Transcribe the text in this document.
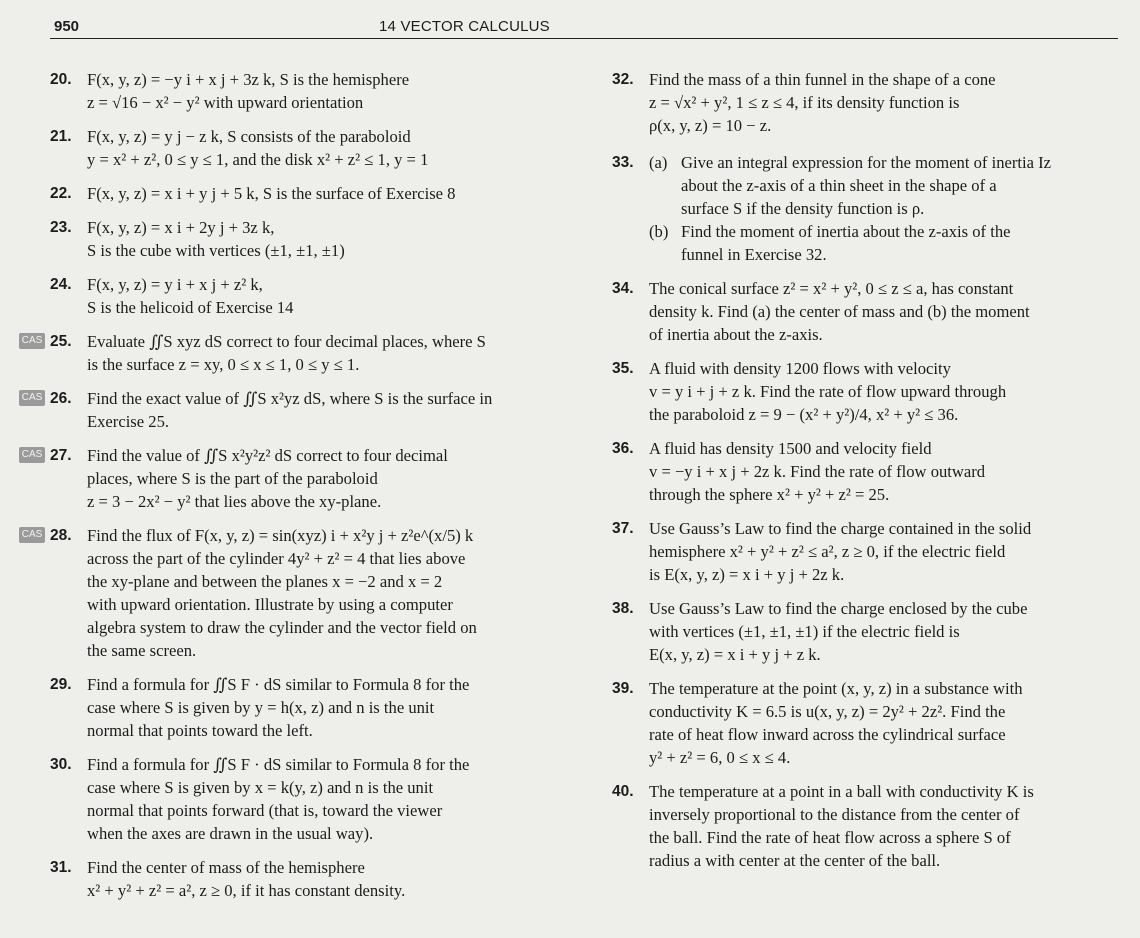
950	14 VECTOR CALCULUS
20. F(x, y, z) = −y i + x j + 3z k, S is the hemisphere
z = √16 − x² − y² with upward orientation
21. F(x, y, z) = y j − z k, S consists of the paraboloid
y = x² + z², 0 ≤ y ≤ 1, and the disk x² + z² ≤ 1, y = 1
22. F(x, y, z) = x i + y j + 5 k, S is the surface of Exercise 8
23. F(x, y, z) = x i + 2y j + 3z k,
S is the cube with vertices (±1, ±1, ±1)
24. F(x, y, z) = y i + x j + z² k,
S is the helicoid of Exercise 14
CAS 25. Evaluate ∬S xyz dS correct to four decimal places, where S
is the surface z = xy, 0 ≤ x ≤ 1, 0 ≤ y ≤ 1.
CAS 26. Find the exact value of ∬S x²yz dS, where S is the surface in
Exercise 25.
CAS 27. Find the value of ∬S x²y²z² dS correct to four decimal
places, where S is the part of the paraboloid
z = 3 − 2x² − y² that lies above the xy-plane.
CAS 28. Find the flux of F(x, y, z) = sin(xyz) i + x²y j + z²e^(x/5) k
across the part of the cylinder 4y² + z² = 4 that lies above
the xy-plane and between the planes x = −2 and x = 2
with upward orientation. Illustrate by using a computer
algebra system to draw the cylinder and the vector field on
the same screen.
29. Find a formula for ∬S F · dS similar to Formula 8 for the
case where S is given by y = h(x, z) and n is the unit
normal that points toward the left.
30. Find a formula for ∬S F · dS similar to Formula 8 for the
case where S is given by x = k(y, z) and n is the unit
normal that points forward (that is, toward the viewer
when the axes are drawn in the usual way).
31. Find the center of mass of the hemisphere
x² + y² + z² = a², z ≥ 0, if it has constant density.
32. Find the mass of a thin funnel in the shape of a cone
z = √x² + y², 1 ≤ z ≤ 4, if its density function is
ρ(x, y, z) = 10 − z.
33. (a) Give an integral expression for the moment of inertia Iz
about the z-axis of a thin sheet in the shape of a
surface S if the density function is ρ.
(b) Find the moment of inertia about the z-axis of the
funnel in Exercise 32.
34. The conical surface z² = x² + y², 0 ≤ z ≤ a, has constant
density k. Find (a) the center of mass and (b) the moment
of inertia about the z-axis.
35. A fluid with density 1200 flows with velocity
v = y i + j + z k. Find the rate of flow upward through
the paraboloid z = 9 − (x² + y²)/4, x² + y² ≤ 36.
36. A fluid has density 1500 and velocity field
v = −y i + x j + 2z k. Find the rate of flow outward
through the sphere x² + y² + z² = 25.
37. Use Gauss’s Law to find the charge contained in the solid
hemisphere x² + y² + z² ≤ a², z ≥ 0, if the electric field
is E(x, y, z) = x i + y j + 2z k.
38. Use Gauss’s Law to find the charge enclosed by the cube
with vertices (±1, ±1, ±1) if the electric field is
E(x, y, z) = x i + y j + z k.
39. The temperature at the point (x, y, z) in a substance with
conductivity K = 6.5 is u(x, y, z) = 2y² + 2z². Find the
rate of heat flow inward across the cylindrical surface
y² + z² = 6, 0 ≤ x ≤ 4.
40. The temperature at a point in a ball with conductivity K is
inversely proportional to the distance from the center of
the ball. Find the rate of heat flow across a sphere S of
radius a with center at the center of the ball.
